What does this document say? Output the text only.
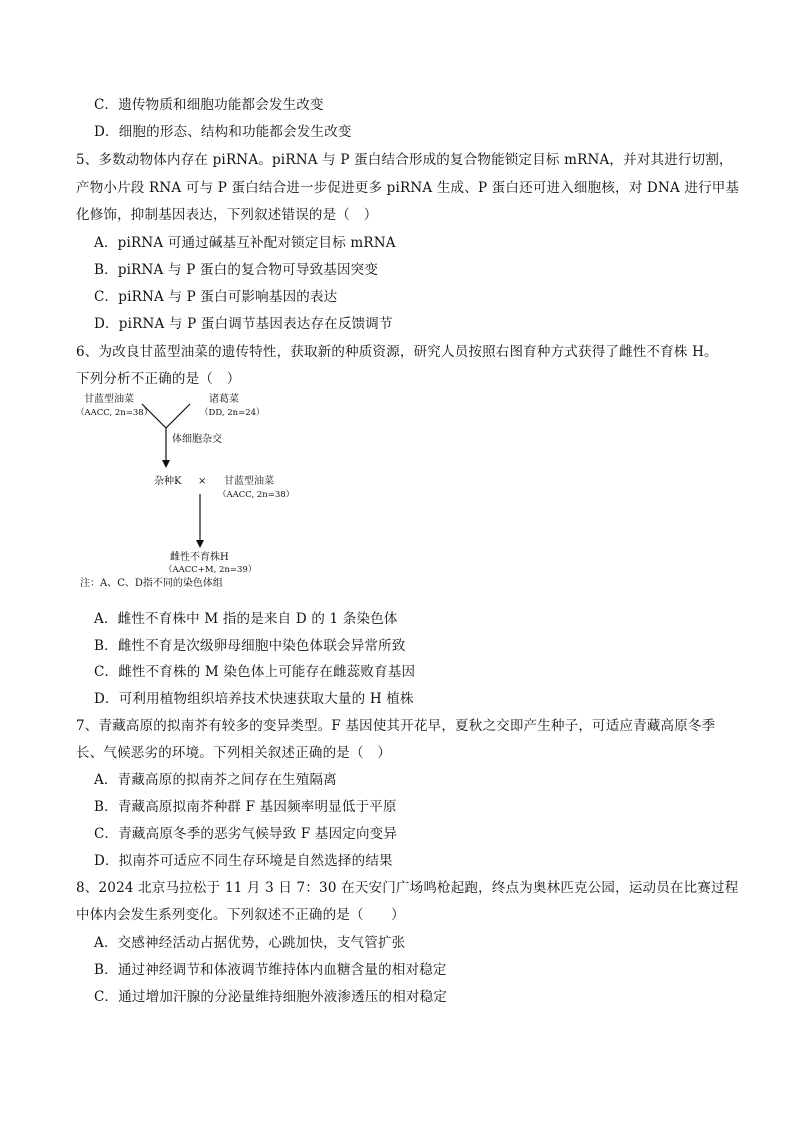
C．遗传物质和细胞功能都会发生改变
D．细胞的形态、结构和功能都会发生改变
5、多数动物体内存在 piRNA。piRNA 与 P 蛋白结合形成的复合物能锁定目标 mRNA，并对其进行切割，
产物小片段 RNA 可与 P 蛋白结合进一步促进更多 piRNA 生成、P 蛋白还可进入细胞核，对 DNA 进行甲基
化修饰，抑制基因表达，下列叙述错误的是（　）
A．piRNA 可通过碱基互补配对锁定目标 mRNA
B．piRNA 与 P 蛋白的复合物可导致基因突变
C．piRNA 与 P 蛋白可影响基因的表达
D．piRNA 与 P 蛋白调节基因表达存在反馈调节
6、为改良甘蓝型油菜的遗传特性，获取新的种质资源，研究人员按照右图育种方式获得了雌性不育株 H。
下列分析不正确的是（　）
甘蓝型油菜
（AACC, 2n=38）
诸葛菜
（DD, 2n=24）
体细胞杂交
杂种K × 甘蓝型油菜
（AACC, 2n=38）
雌性不育株H
（AACC+M, 2n=39）
注：A、C、D指不同的染色体组
A．雌性不育株中 M 指的是来自 D 的 1 条染色体
B．雌性不育是次级卵母细胞中染色体联会异常所致
C．雌性不育株的 M 染色体上可能存在雌蕊败育基因
D．可利用植物组织培养技术快速获取大量的 H 植株
7、青藏高原的拟南芥有较多的变异类型。F 基因使其开花早，夏秋之交即产生种子，可适应青藏高原冬季
长、气候恶劣的环境。下列相关叙述正确的是（　）
A．青藏高原的拟南芥之间存在生殖隔离
B．青藏高原拟南芥种群 F 基因频率明显低于平原
C．青藏高原冬季的恶劣气候导致 F 基因定向变异
D．拟南芥可适应不同生存环境是自然选择的结果
8、2024 北京马拉松于 11 月 3 日 7：30 在天安门广场鸣枪起跑，终点为奥林匹克公园，运动员在比赛过程
中体内会发生系列变化。下列叙述不正确的是（　　）
A．交感神经活动占据优势，心跳加快，支气管扩张
B．通过神经调节和体液调节维持体内血糖含量的相对稳定
C．通过增加汗腺的分泌量维持细胞外液渗透压的相对稳定
